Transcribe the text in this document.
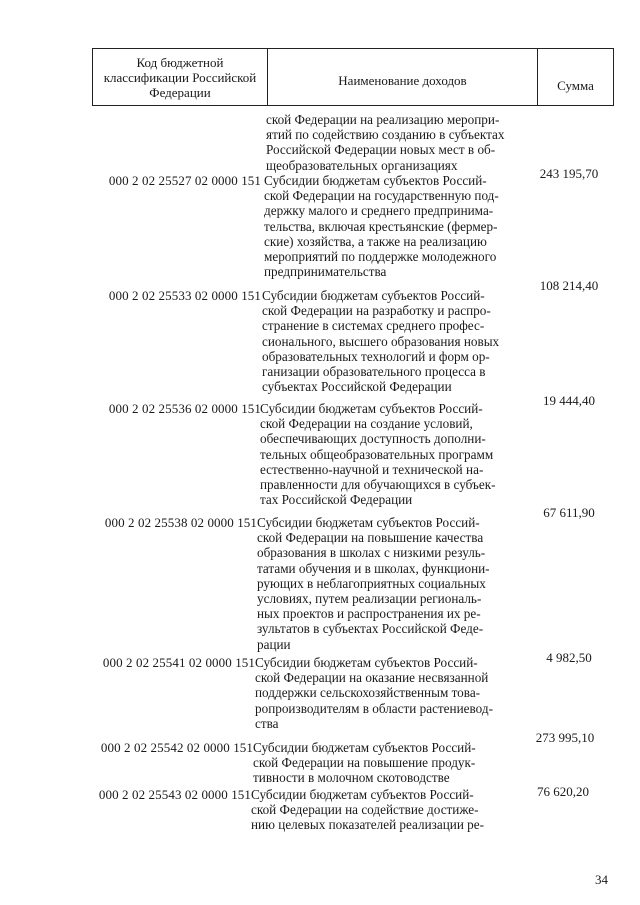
Код бюджетной классификации Российской Федерации
Наименование доходов	Сумма
ской Федерации на реализацию меропри-
ятий по содействию созданию в субъектах
Российской Федерации новых мест в об-
щеобразовательных организациях
243 195,70
000 2 02 25527 02 0000 151 Субсидии бюджетам субъектов Россий-
ской Федерации на государственную под-
держку малого и среднего предпринима-
тельства, включая крестьянские (фермер-
ские) хозяйства, а также на реализацию
мероприятий по поддержке молодежного
предпринимательства
108 214,40
000 2 02 25533 02 0000 151 Субсидии бюджетам субъектов Россий-
ской Федерации на разработку и распро-
странение в системах среднего профес-
сионального, высшего образования новых
образовательных технологий и форм ор-
ганизации образовательного процесса в
субъектах Российской Федерации
19 444,40
000 2 02 25536 02 0000 151 Субсидии бюджетам субъектов Россий-
ской Федерации на создание условий,
обеспечивающих доступность дополни-
тельных общеобразовательных программ
естественно-научной и технической на-
правленности для обучающихся в субъек-
тах Российской Федерации
67 611,90
000 2 02 25538 02 0000 151 Субсидии бюджетам субъектов Россий-
ской Федерации на повышение качества
образования в школах с низкими резуль-
татами обучения и в школах, функциони-
рующих в неблагоприятных социальных
условиях, путем реализации региональ-
ных проектов и распространения их ре-
зультатов в субъектах Российской Феде-
рации
4 982,50
000 2 02 25541 02 0000 151 Субсидии бюджетам субъектов Россий-
ской Федерации на оказание несвязанной
поддержки сельскохозяйственным това-
ропроизводителям в области растениевод-
ства
273 995,10
000 2 02 25542 02 0000 151 Субсидии бюджетам субъектов Россий-
ской Федерации на повышение продук-
тивности в молочном скотоводстве
76 620,20
000 2 02 25543 02 0000 151 Субсидии бюджетам субъектов Россий-
ской Федерации на содействие достиже-
нию целевых показателей реализации ре-
34
